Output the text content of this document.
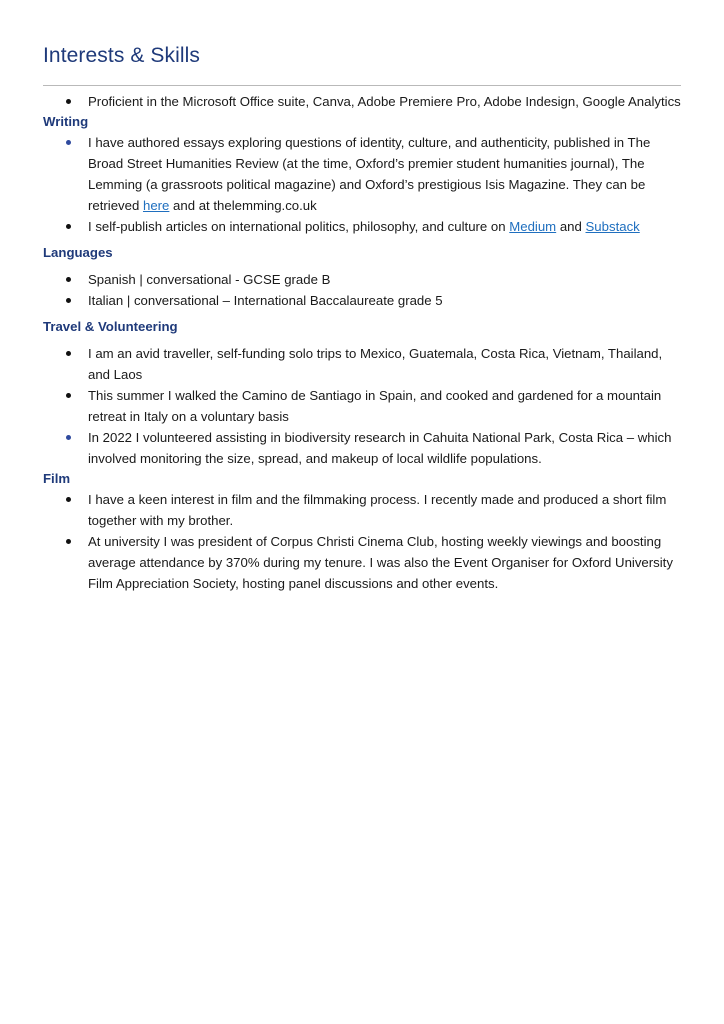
Interests & Skills
Proficient in the Microsoft Office suite, Canva, Adobe Premiere Pro, Adobe Indesign, Google Analytics
Writing
I have authored essays exploring questions of identity, culture, and authenticity, published in The Broad Street Humanities Review (at the time, Oxford’s premier student humanities journal), The Lemming (a grassroots political magazine) and Oxford’s prestigious Isis Magazine. They can be retrieved here and at thelemming.co.uk
I self-publish articles on international politics, philosophy, and culture on Medium and Substack
Languages
Spanish | conversational - GCSE grade B
Italian | conversational – International Baccalaureate grade 5
Travel & Volunteering
I am an avid traveller, self-funding solo trips to Mexico, Guatemala, Costa Rica, Vietnam, Thailand, and Laos
This summer I walked the Camino de Santiago in Spain, and cooked and gardened for a mountain retreat in Italy on a voluntary basis
In 2022 I volunteered assisting in biodiversity research in Cahuita National Park, Costa Rica – which involved monitoring the size, spread, and makeup of local wildlife populations.
Film
I have a keen interest in film and the filmmaking process. I recently made and produced a short film together with my brother.
At university I was president of Corpus Christi Cinema Club, hosting weekly viewings and boosting average attendance by 370% during my tenure. I was also the Event Organiser for Oxford University Film Appreciation Society, hosting panel discussions and other events.
